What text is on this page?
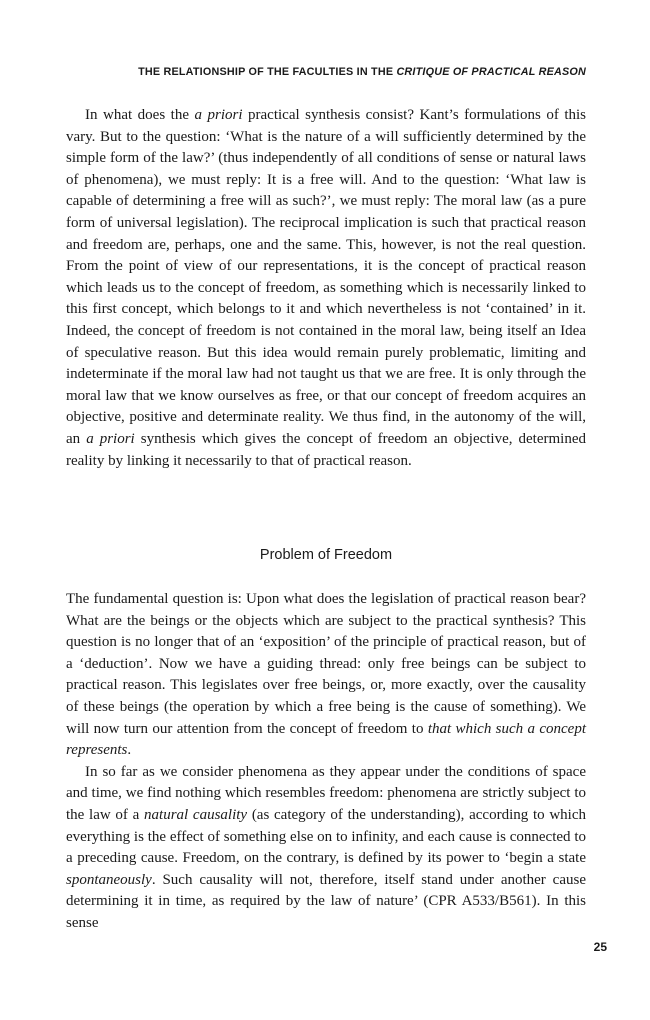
THE RELATIONSHIP OF THE FACULTIES IN THE CRITIQUE OF PRACTICAL REASON

In what does the a priori practical synthesis consist? Kant’s formulations of this vary. But to the question: ‘What is the nature of a will sufficiently determined by the simple form of the law?’ (thus independently of all conditions of sense or natural laws of phenomena), we must reply: It is a free will. And to the question: ‘What law is capable of determining a free will as such?’, we must reply: The moral law (as a pure form of universal legislation). The reciprocal implication is such that practical reason and freedom are, perhaps, one and the same. This, however, is not the real question. From the point of view of our representations, it is the concept of practical reason which leads us to the concept of freedom, as something which is necessarily linked to this first concept, which belongs to it and which nevertheless is not ‘contained’ in it. Indeed, the concept of freedom is not contained in the moral law, being itself an Idea of speculative reason. But this idea would remain purely problematic, limiting and indeterminate if the moral law had not taught us that we are free. It is only through the moral law that we know ourselves as free, or that our concept of freedom acquires an objective, positive and determinate reality. We thus find, in the autonomy of the will, an a priori synthesis which gives the concept of freedom an objective, determined reality by linking it necessarily to that of practical reason.

Problem of Freedom

The fundamental question is: Upon what does the legislation of practical reason bear? What are the beings or the objects which are subject to the practical synthesis? This question is no longer that of an ‘exposition’ of the principle of practical reason, but of a ‘deduction’. Now we have a guiding thread: only free beings can be subject to practical reason. This legislates over free beings, or, more exactly, over the causality of these beings (the operation by which a free being is the cause of something). We will now turn our attention from the concept of freedom to that which such a concept represents.

In so far as we consider phenomena as they appear under the conditions of space and time, we find nothing which resembles freedom: phenomena are strictly subject to the law of a natural causality (as category of the understanding), according to which everything is the effect of something else on to infinity, and each cause is connected to a preceding cause. Freedom, on the contrary, is defined by its power to ‘begin a state spontaneously. Such causality will not, therefore, itself stand under another cause determining it in time, as required by the law of nature’ (CPR A533/B561). In this sense

25
